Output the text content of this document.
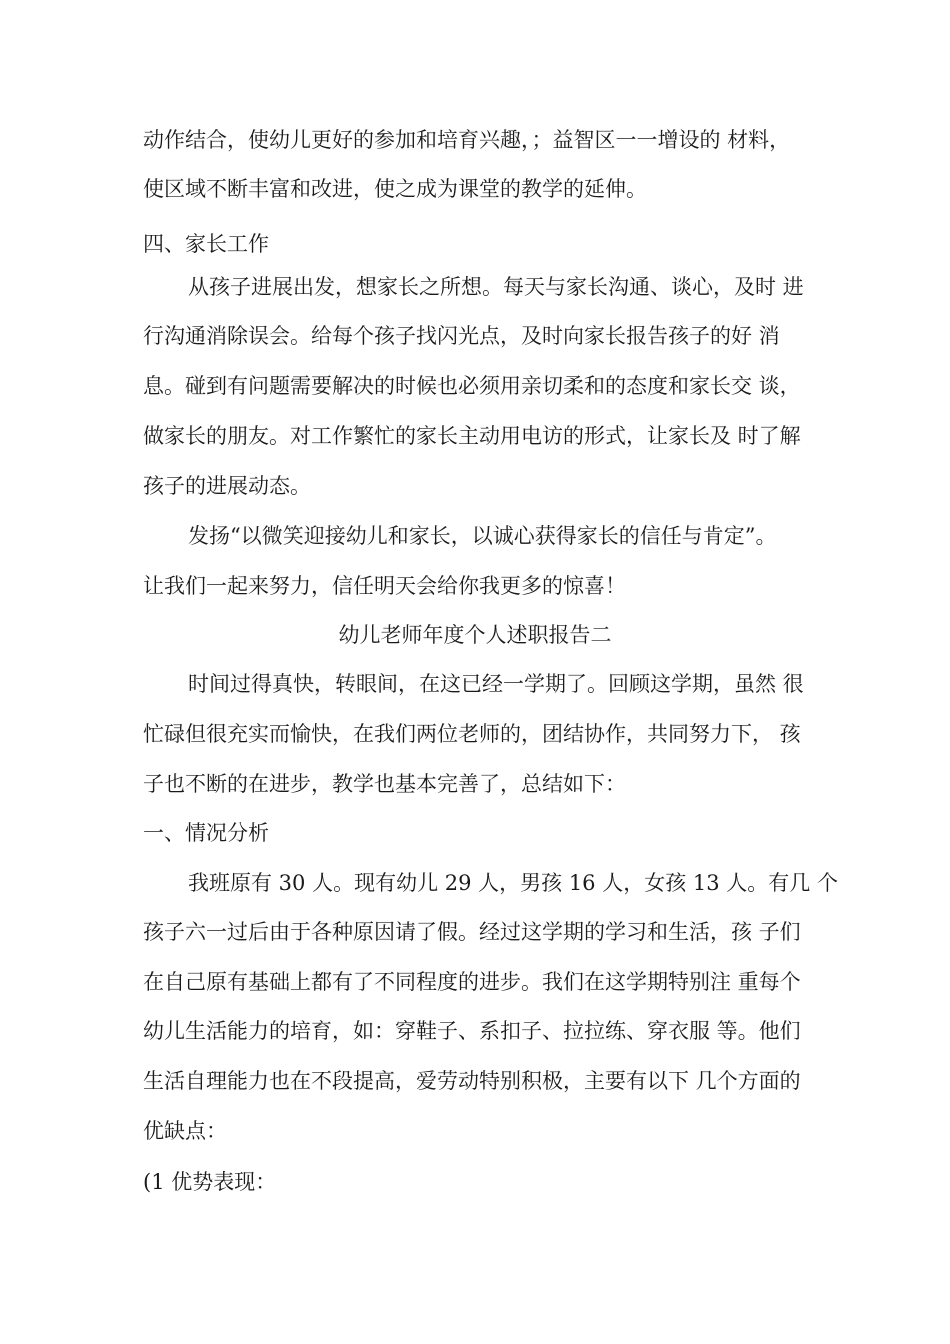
动作结合，使幼儿更好的参加和培育兴趣，；益智区一一增设的 材料，
使区域不断丰富和改进，使之成为课堂的教学的延伸。
四、家长工作
从孩子进展出发，想家长之所想。每天与家长沟通、谈心，及时 进
行沟通消除误会。给每个孩子找闪光点，及时向家长报告孩子的好 消
息。碰到有问题需要解决的时候也必须用亲切柔和的态度和家长交 谈，
做家长的朋友。对工作繁忙的家长主动用电访的形式，让家长及 时了解
孩子的进展动态。
发扬“以微笑迎接幼儿和家长，以诚心获得家长的信任与肯定”。
让我们一起来努力，信任明天会给你我更多的惊喜！
幼儿老师年度个人述职报告二
时间过得真快，转眼间，在这已经一学期了。回顾这学期，虽然 很
忙碌但很充实而愉快，在我们两位老师的，团结协作，共同努力下， 孩
子也不断的在进步，教学也基本完善了，总结如下：
一、情况分析
我班原有 30 人。现有幼儿 29 人，男孩 16 人，女孩 13 人。有几 个
孩子六一过后由于各种原因请了假。经过这学期的学习和生活，孩 子们
在自己原有基础上都有了不同程度的进步。我们在这学期特别注 重每个
幼儿生活能力的培育，如：穿鞋子、系扣子、拉拉练、穿衣服 等。他们
生活自理能力也在不段提高，爱劳动特别积极，主要有以下 几个方面的
优缺点：
(1 优势表现：
